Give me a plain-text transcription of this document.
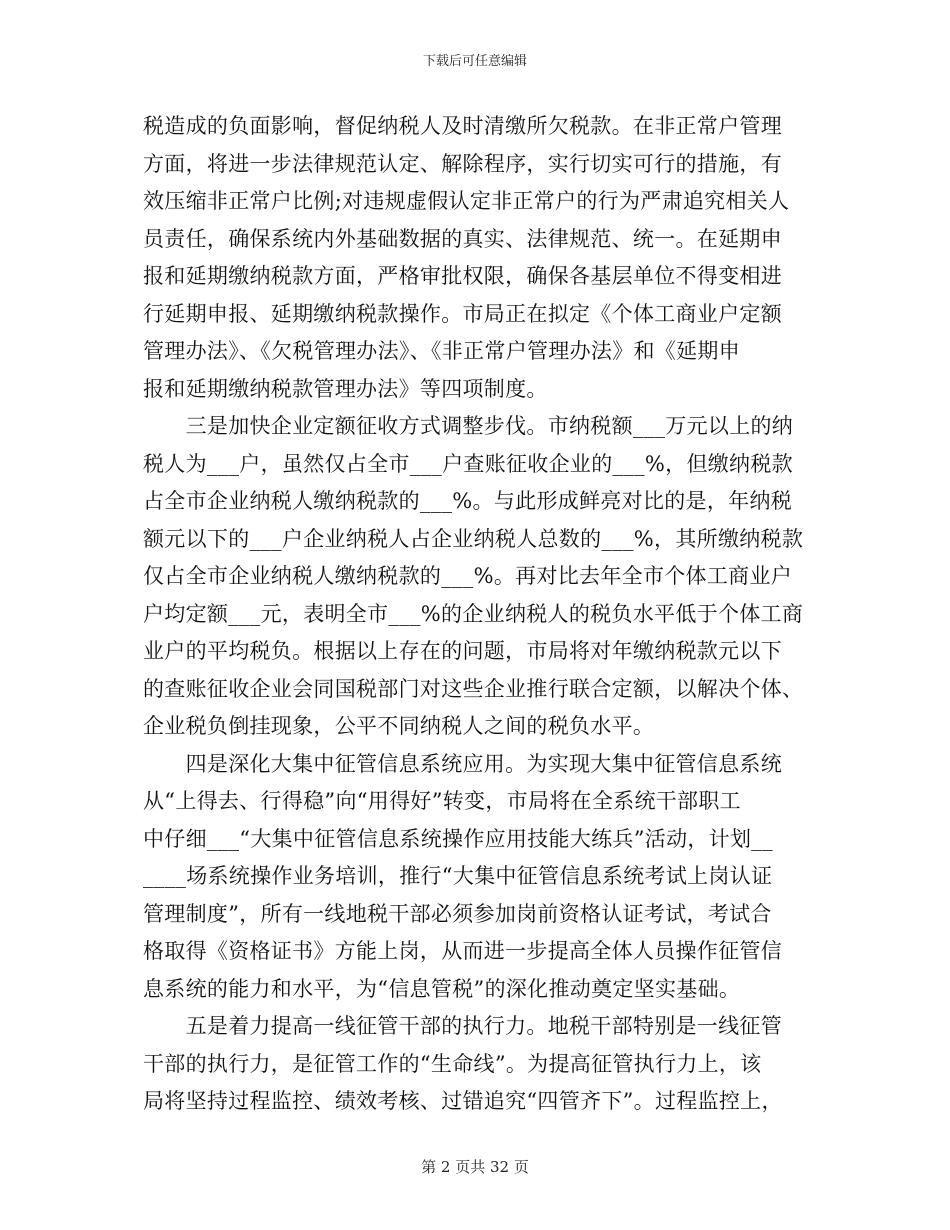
下载后可任意编辑
税造成的负面影响，督促纳税人及时清缴所欠税款。在非正常户管理
方面，将进一步法律规范认定、解除程序，实行切实可行的措施，有
效压缩非正常户比例;对违规虚假认定非正常户的行为严肃追究相关人
员责任，确保系统内外基础数据的真实、法律规范、统一。在延期申
报和延期缴纳税款方面，严格审批权限，确保各基层单位不得变相进
行延期申报、延期缴纳税款操作。市局正在拟定《个体工商业户定额
管理办法》、《欠税管理办法》、《非正常户管理办法》和《延期申
报和延期缴纳税款管理办法》等四项制度。
　　三是加快企业定额征收方式调整步伐。市纳税额___万元以上的纳
税人为___户，虽然仅占全市___户查账征收企业的___%，但缴纳税款
占全市企业纳税人缴纳税款的___%。与此形成鲜亮对比的是，年纳税
额元以下的___户企业纳税人占企业纳税人总数的___%，其所缴纳税款
仅占全市企业纳税人缴纳税款的___%。再对比去年全市个体工商业户
户均定额___元，表明全市___%的企业纳税人的税负水平低于个体工商
业户的平均税负。根据以上存在的问题，市局将对年缴纳税款元以下
的查账征收企业会同国税部门对这些企业推行联合定额，以解决个体、
企业税负倒挂现象，公平不同纳税人之间的税负水平。
　　四是深化大集中征管信息系统应用。为实现大集中征管信息系统
从“上得去、行得稳”向“用得好”转变，市局将在全系统干部职工
中仔细___“大集中征管信息系统操作应用技能大练兵”活动，计划__
____场系统操作业务培训，推行“大集中征管信息系统考试上岗认证
管理制度”，所有一线地税干部必须参加岗前资格认证考试，考试合
格取得《资格证书》方能上岗，从而进一步提高全体人员操作征管信
息系统的能力和水平，为“信息管税”的深化推动奠定坚实基础。
　　五是着力提高一线征管干部的执行力。地税干部特别是一线征管
干部的执行力，是征管工作的“生命线”。为提高征管执行力上，该
局将坚持过程监控、绩效考核、过错追究“四管齐下”。过程监控上，
第 2 页共 32 页
